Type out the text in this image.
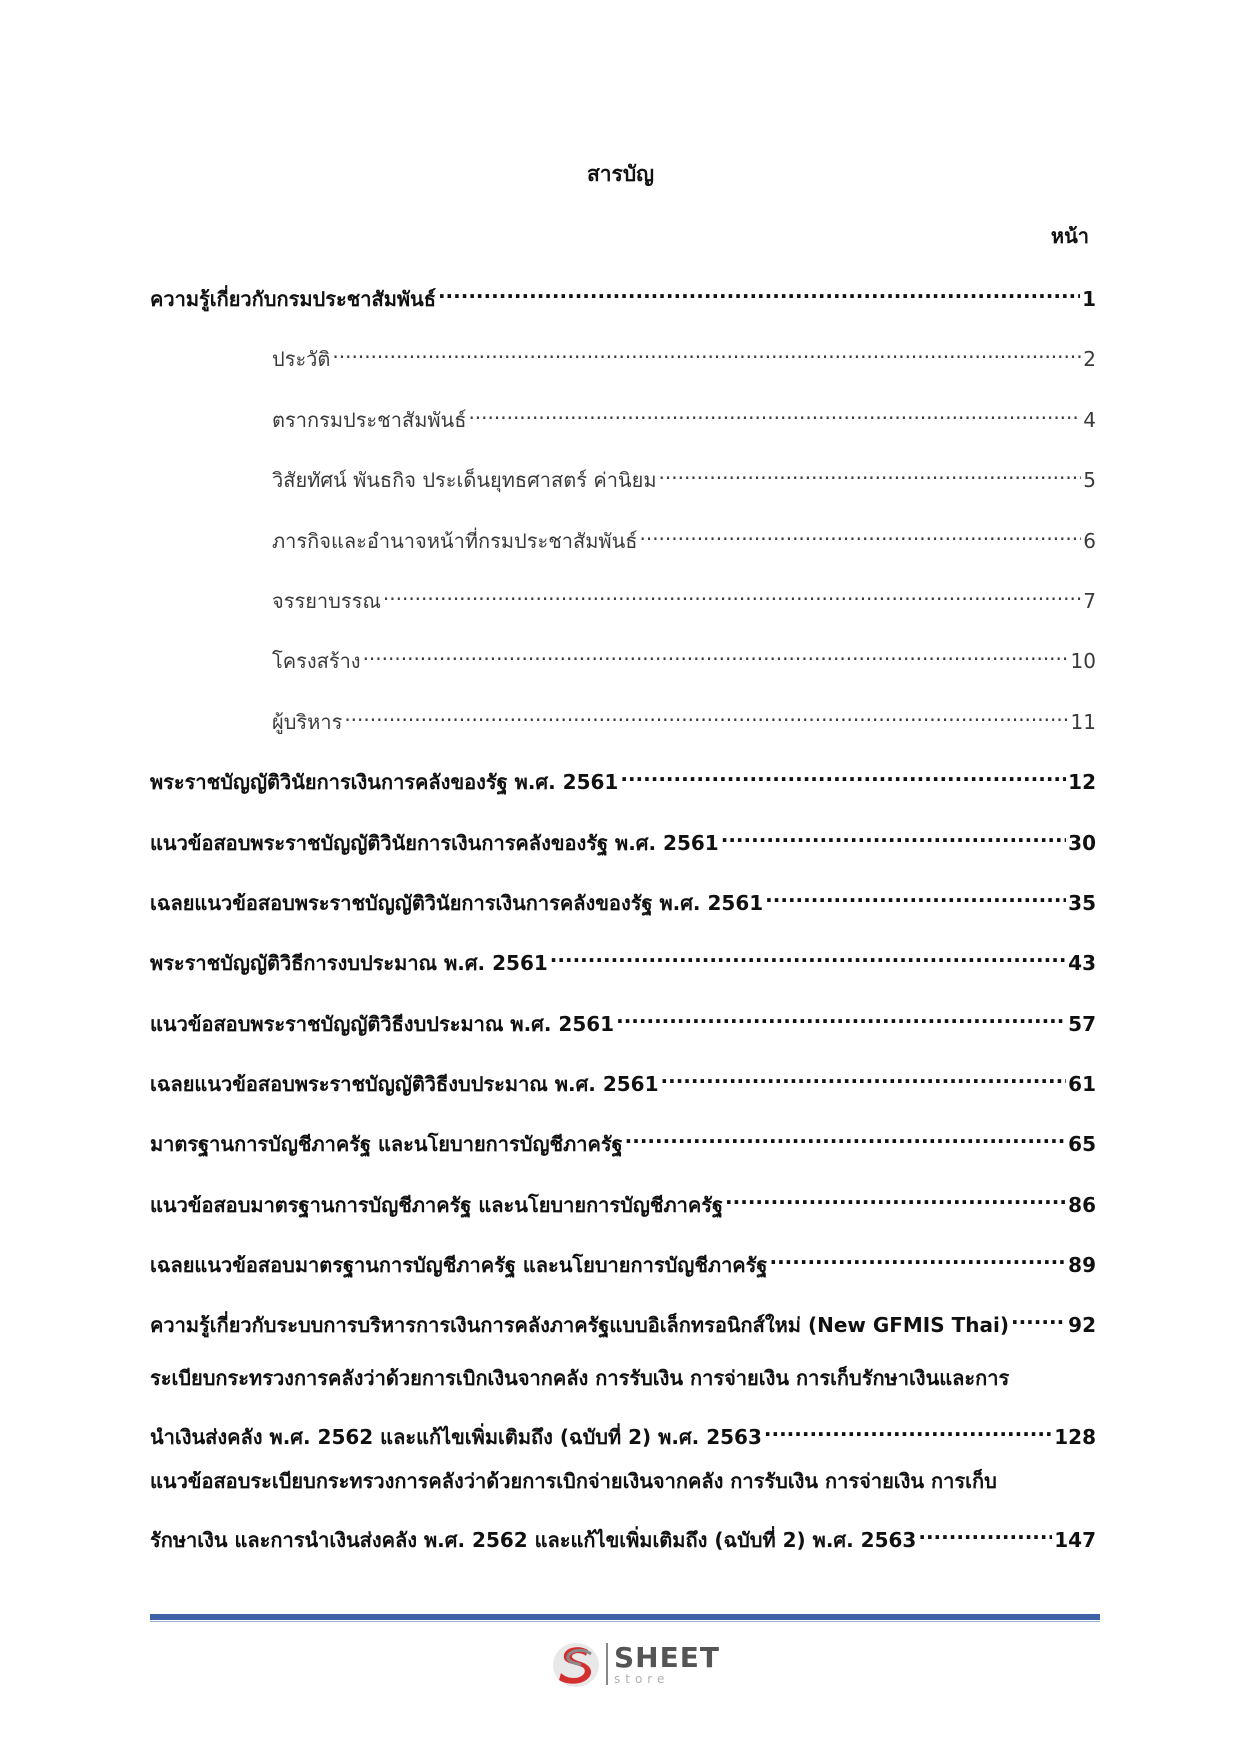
สารบัญ
หน้า
ความรู้เกี่ยวกับกรมประชาสัมพันธ์ .....	1
ประวัติ .....	2
ตรากรมประชาสัมพันธ์ .....	4
วิสัยทัศน์ พันธกิจ ประเด็นยุทธศาสตร์ ค่านิยม .....	5
ภารกิจและอำนาจหน้าที่กรมประชาสัมพันธ์ .....	6
จรรยาบรรณ .....	7
โครงสร้าง .....	10
ผู้บริหาร .....	11
พระราชบัญญัติวินัยการเงินการคลังของรัฐ พ.ศ. 2561 .....	12
แนวข้อสอบพระราชบัญญัติวินัยการเงินการคลังของรัฐ พ.ศ. 2561 .....	30
เฉลยแนวข้อสอบพระราชบัญญัติวินัยการเงินการคลังของรัฐ พ.ศ. 2561 .....	35
พระราชบัญญัติวิธีการงบประมาณ พ.ศ. 2561 .....	43
แนวข้อสอบพระราชบัญญัติวิธีงบประมาณ พ.ศ. 2561 .....	57
เฉลยแนวข้อสอบพระราชบัญญัติวิธีงบประมาณ พ.ศ. 2561 .....	61
มาตรฐานการบัญชีภาครัฐ และนโยบายการบัญชีภาครัฐ .....	65
แนวข้อสอบมาตรฐานการบัญชีภาครัฐ และนโยบายการบัญชีภาครัฐ .....	86
เฉลยแนวข้อสอบมาตรฐานการบัญชีภาครัฐ และนโยบายการบัญชีภาครัฐ .....	89
ความรู้เกี่ยวกับระบบการบริหารการเงินการคลังภาครัฐแบบอิเล็กทรอนิกส์ใหม่ (New GFMIS Thai) .....	92
ระเบียบกระทรวงการคลังว่าด้วยการเบิกเงินจากคลัง การรับเงิน การจ่ายเงิน การเก็บรักษาเงินและการ
นำเงินส่งคลัง พ.ศ. 2562 และแก้ไขเพิ่มเติมถึง (ฉบับที่ 2) พ.ศ. 2563 .....	128
แนวข้อสอบระเบียบกระทรวงการคลังว่าด้วยการเบิกจ่ายเงินจากคลัง การรับเงิน การจ่ายเงิน การเก็บ
รักษาเงิน และการนำเงินส่งคลัง พ.ศ. 2562 และแก้ไขเพิ่มเติมถึง (ฉบับที่ 2) พ.ศ. 2563 .....	147
SHEET
store
